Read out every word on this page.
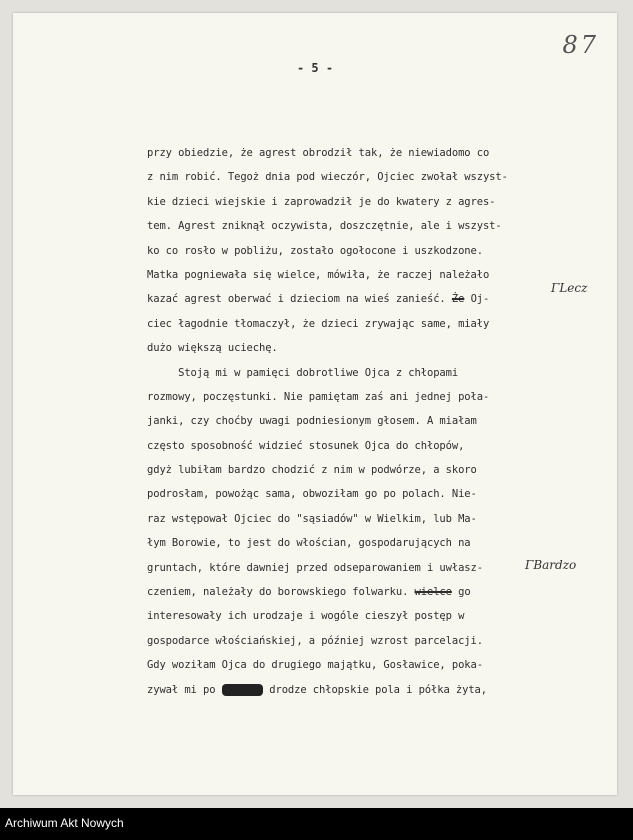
- 5 -
87
przy obiedzie, że agrest obrodził tak, że niewiadomo co
z nim robić. Tegoż dnia pod wieczór, Ojciec zwołał wszyst-
kie dzieci wiejskie i zaprowadził je do kwatery z agres-
tem. Agrest zniknął oczywista, doszczętnie, ale i wszyst-
ko co rosło w pobliżu, zostało ogołocone i uszkodzone.
Matka pogniewała się wielce, mówiła, że raczej należało
kazać agrest oberwać i dzieciom na wieś zanieść. Że Oj-
ciec łagodnie tłomaczył, że dzieci zrywając same, miały
dużo większą uciechę.
Stoją mi w pamięci dobrotliwe Ojca z chłopami
rozmowy, poczęstunki. Nie pamiętam zaś ani jednej poła-
janki, czy choćby uwagi podniesionym głosem. A miałam
często sposobność widzieć stosunek Ojca do chłopów,
gdyż lubiłam bardzo chodzić z nim w podwórze, a skoro
podrosłam, powożąc sama, obwoziłam go po polach. Nie-
raz wstępował Ojciec do "sąsiadów" w Wielkim, lub Ma-
łym Borowie, to jest do włościan, gospodarujących na
gruntach, które dawniej przed odseparowaniem i uwłasz-
czeniem, należały do borowskiego folwarku. wielce go
interesowały ich urodzaje i wogóle cieszył postęp w
gospodarce włościańskiej, a później wzrost parcelacji.
Gdy woziłam Ojca do drugiego majątku, Gosławice, poka-
zywał mi po	drodze chłopskie pola i półka żyta,
ΓLecz
ΓBardzo
Archiwum Akt Nowych
